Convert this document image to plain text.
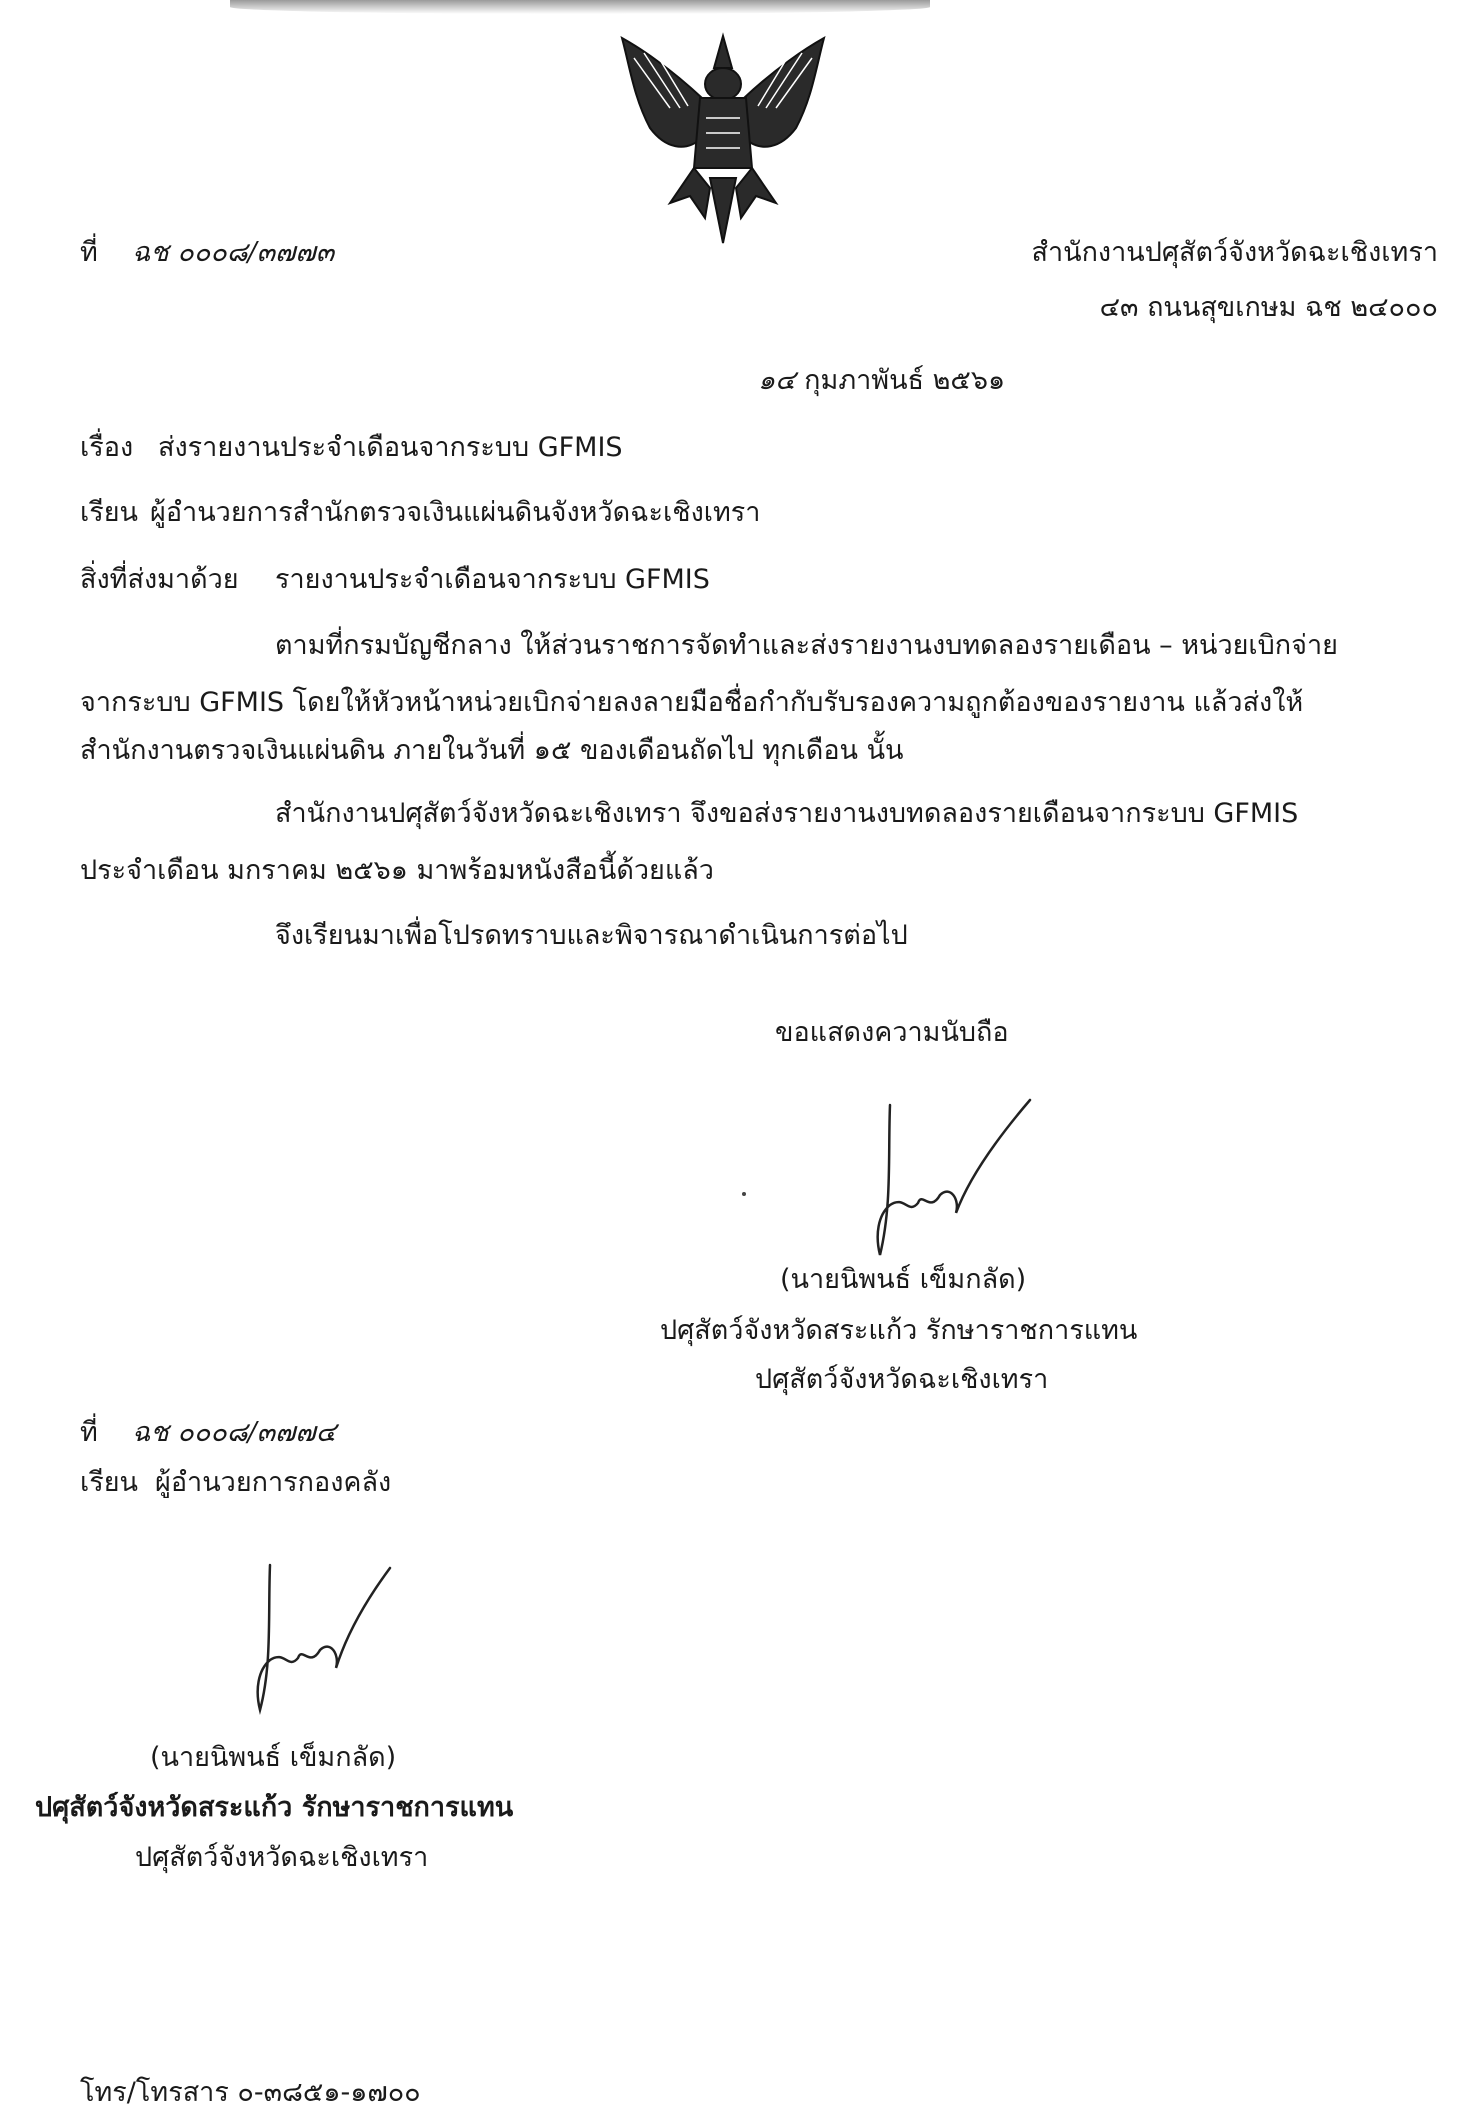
ที่ ฉช ๐๐๐๘/๓๗๗๓	สำนักงานปศุสัตว์จังหวัดฉะเชิงเทรา
๔๓ ถนนสุขเกษม ฉช ๒๔๐๐๐
๑๔ กุมภาพันธ์ ๒๕๖๑
เรื่อง ส่งรายงานประจำเดือนจากระบบ GFMIS
เรียน ผู้อำนวยการสำนักตรวจเงินแผ่นดินจังหวัดฉะเชิงเทรา
สิ่งที่ส่งมาด้วย รายงานประจำเดือนจากระบบ GFMIS
ตามที่กรมบัญชีกลาง ให้ส่วนราชการจัดทำและส่งรายงานงบทดลองรายเดือน – หน่วยเบิกจ่าย
จากระบบ GFMIS โดยให้หัวหน้าหน่วยเบิกจ่ายลงลายมือชื่อกำกับรับรองความถูกต้องของรายงาน แล้วส่งให้
สำนักงานตรวจเงินแผ่นดิน ภายในวันที่ ๑๕ ของเดือนถัดไป ทุกเดือน นั้น
สำนักงานปศุสัตว์จังหวัดฉะเชิงเทรา จึงขอส่งรายงานงบทดลองรายเดือนจากระบบ GFMIS
ประจำเดือน มกราคม ๒๕๖๑ มาพร้อมหนังสือนี้ด้วยแล้ว
จึงเรียนมาเพื่อโปรดทราบและพิจารณาดำเนินการต่อไป
ขอแสดงความนับถือ
(นายนิพนธ์ เข็มกลัด)
ปศุสัตว์จังหวัดสระแก้ว รักษาราชการแทน
ปศุสัตว์จังหวัดฉะเชิงเทรา
ที่ ฉช ๐๐๐๘/๓๗๗๔
เรียน ผู้อำนวยการกองคลัง
(นายนิพนธ์ เข็มกลัด)
ปศุสัตว์จังหวัดสระแก้ว รักษาราชการแทน
ปศุสัตว์จังหวัดฉะเชิงเทรา
โทร/โทรสาร ๐-๓๘๕๑-๑๗๐๐
